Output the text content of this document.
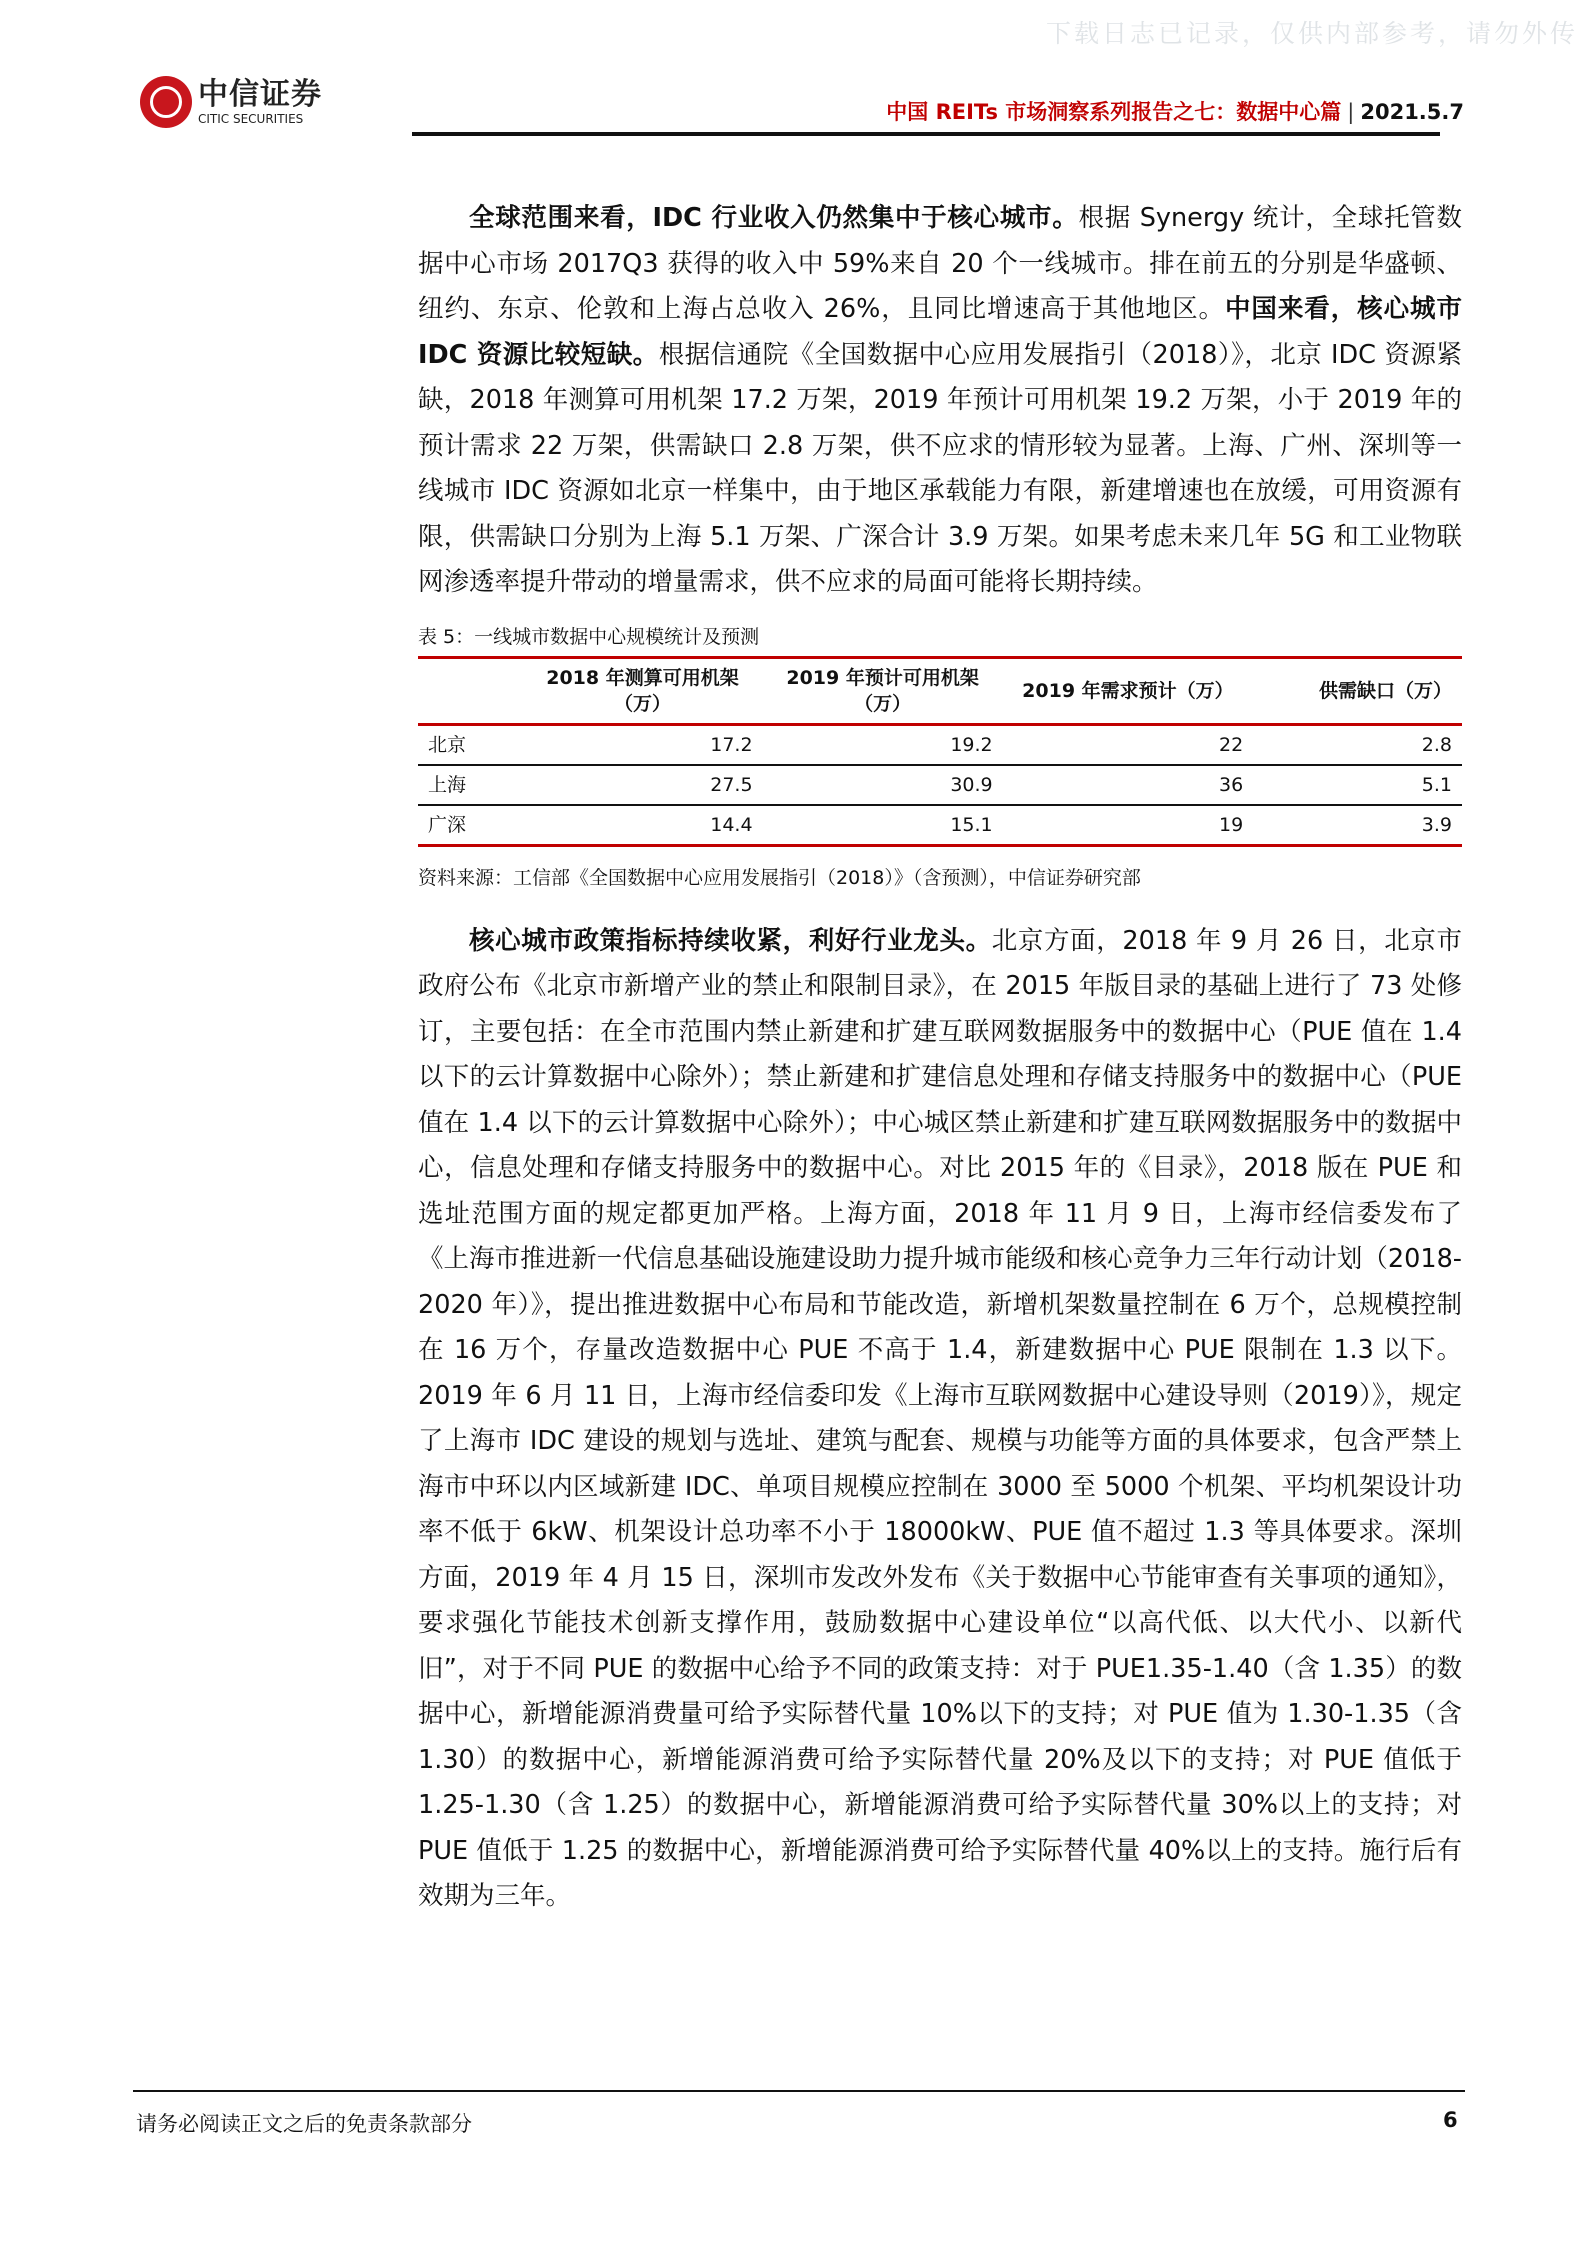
下载日志已记录，仅供内部参考，请勿外传
中信证券
CITIC SECURITIES	中国 REITs 市场洞察系列报告之七：数据中心篇 | 2021.5.7

全球范围来看，IDC 行业收入仍然集中于核心城市。根据 Synergy 统计，全球托管数据中心市场 2017Q3 获得的收入中 59%来自 20 个一线城市。排在前五的分别是华盛顿、纽约、东京、伦敦和上海占总收入 26%，且同比增速高于其他地区。中国来看，核心城市 IDC 资源比较短缺。根据信通院《全国数据中心应用发展指引（2018）》，北京 IDC 资源紧缺，2018 年测算可用机架 17.2 万架，2019 年预计可用机架 19.2 万架，小于 2019 年的预计需求 22 万架，供需缺口 2.8 万架，供不应求的情形较为显著。上海、广州、深圳等一线城市 IDC 资源如北京一样集中，由于地区承载能力有限，新建增速也在放缓，可用资源有限，供需缺口分别为上海 5.1 万架、广深合计 3.9 万架。如果考虑未来几年 5G 和工业物联网渗透率提升带动的增量需求，供不应求的局面可能将长期持续。

表 5：一线城市数据中心规模统计及预测
	2018 年测算可用机架（万）	2019 年预计可用机架（万）	2019 年需求预计（万）	供需缺口（万）
北京	17.2	19.2	22	2.8
上海	27.5	30.9	36	5.1
广深	14.4	15.1	19	3.9
资料来源：工信部《全国数据中心应用发展指引（2018）》（含预测），中信证券研究部

核心城市政策指标持续收紧，利好行业龙头。北京方面，2018 年 9 月 26 日，北京市政府公布《北京市新增产业的禁止和限制目录》，在 2015 年版目录的基础上进行了 73 处修订，主要包括：在全市范围内禁止新建和扩建互联网数据服务中的数据中心（PUE 值在 1.4 以下的云计算数据中心除外）；禁止新建和扩建信息处理和存储支持服务中的数据中心（PUE 值在 1.4 以下的云计算数据中心除外）；中心城区禁止新建和扩建互联网数据服务中的数据中心，信息处理和存储支持服务中的数据中心。对比 2015 年的《目录》，2018 版在 PUE 和选址范围方面的规定都更加严格。上海方面，2018 年 11 月 9 日，上海市经信委发布了《上海市推进新一代信息基础设施建设助力提升城市能级和核心竞争力三年行动计划（2018-2020 年）》，提出推进数据中心布局和节能改造，新增机架数量控制在 6 万个，总规模控制在 16 万个，存量改造数据中心 PUE 不高于 1.4，新建数据中心 PUE 限制在 1.3 以下。2019 年 6 月 11 日，上海市经信委印发《上海市互联网数据中心建设导则（2019）》，规定了上海市 IDC 建设的规划与选址、建筑与配套、规模与功能等方面的具体要求，包含严禁上海市中环以内区域新建 IDC、单项目规模应控制在 3000 至 5000 个机架、平均机架设计功率不低于 6kW、机架设计总功率不小于 18000kW、PUE 值不超过 1.3 等具体要求。深圳方面，2019 年 4 月 15 日，深圳市发改外发布《关于数据中心节能审查有关事项的通知》，要求强化节能技术创新支撑作用，鼓励数据中心建设单位“以高代低、以大代小、以新代旧”，对于不同 PUE 的数据中心给予不同的政策支持：对于 PUE1.35-1.40（含 1.35）的数据中心，新增能源消费量可给予实际替代量 10%以下的支持；对 PUE 值为 1.30-1.35（含 1.30）的数据中心，新增能源消费可给予实际替代量 20%及以下的支持；对 PUE 值低于 1.25-1.30（含 1.25）的数据中心，新增能源消费可给予实际替代量 30%以上的支持；对 PUE 值低于 1.25 的数据中心，新增能源消费可给予实际替代量 40%以上的支持。施行后有效期为三年。

请务必阅读正文之后的免责条款部分	6
